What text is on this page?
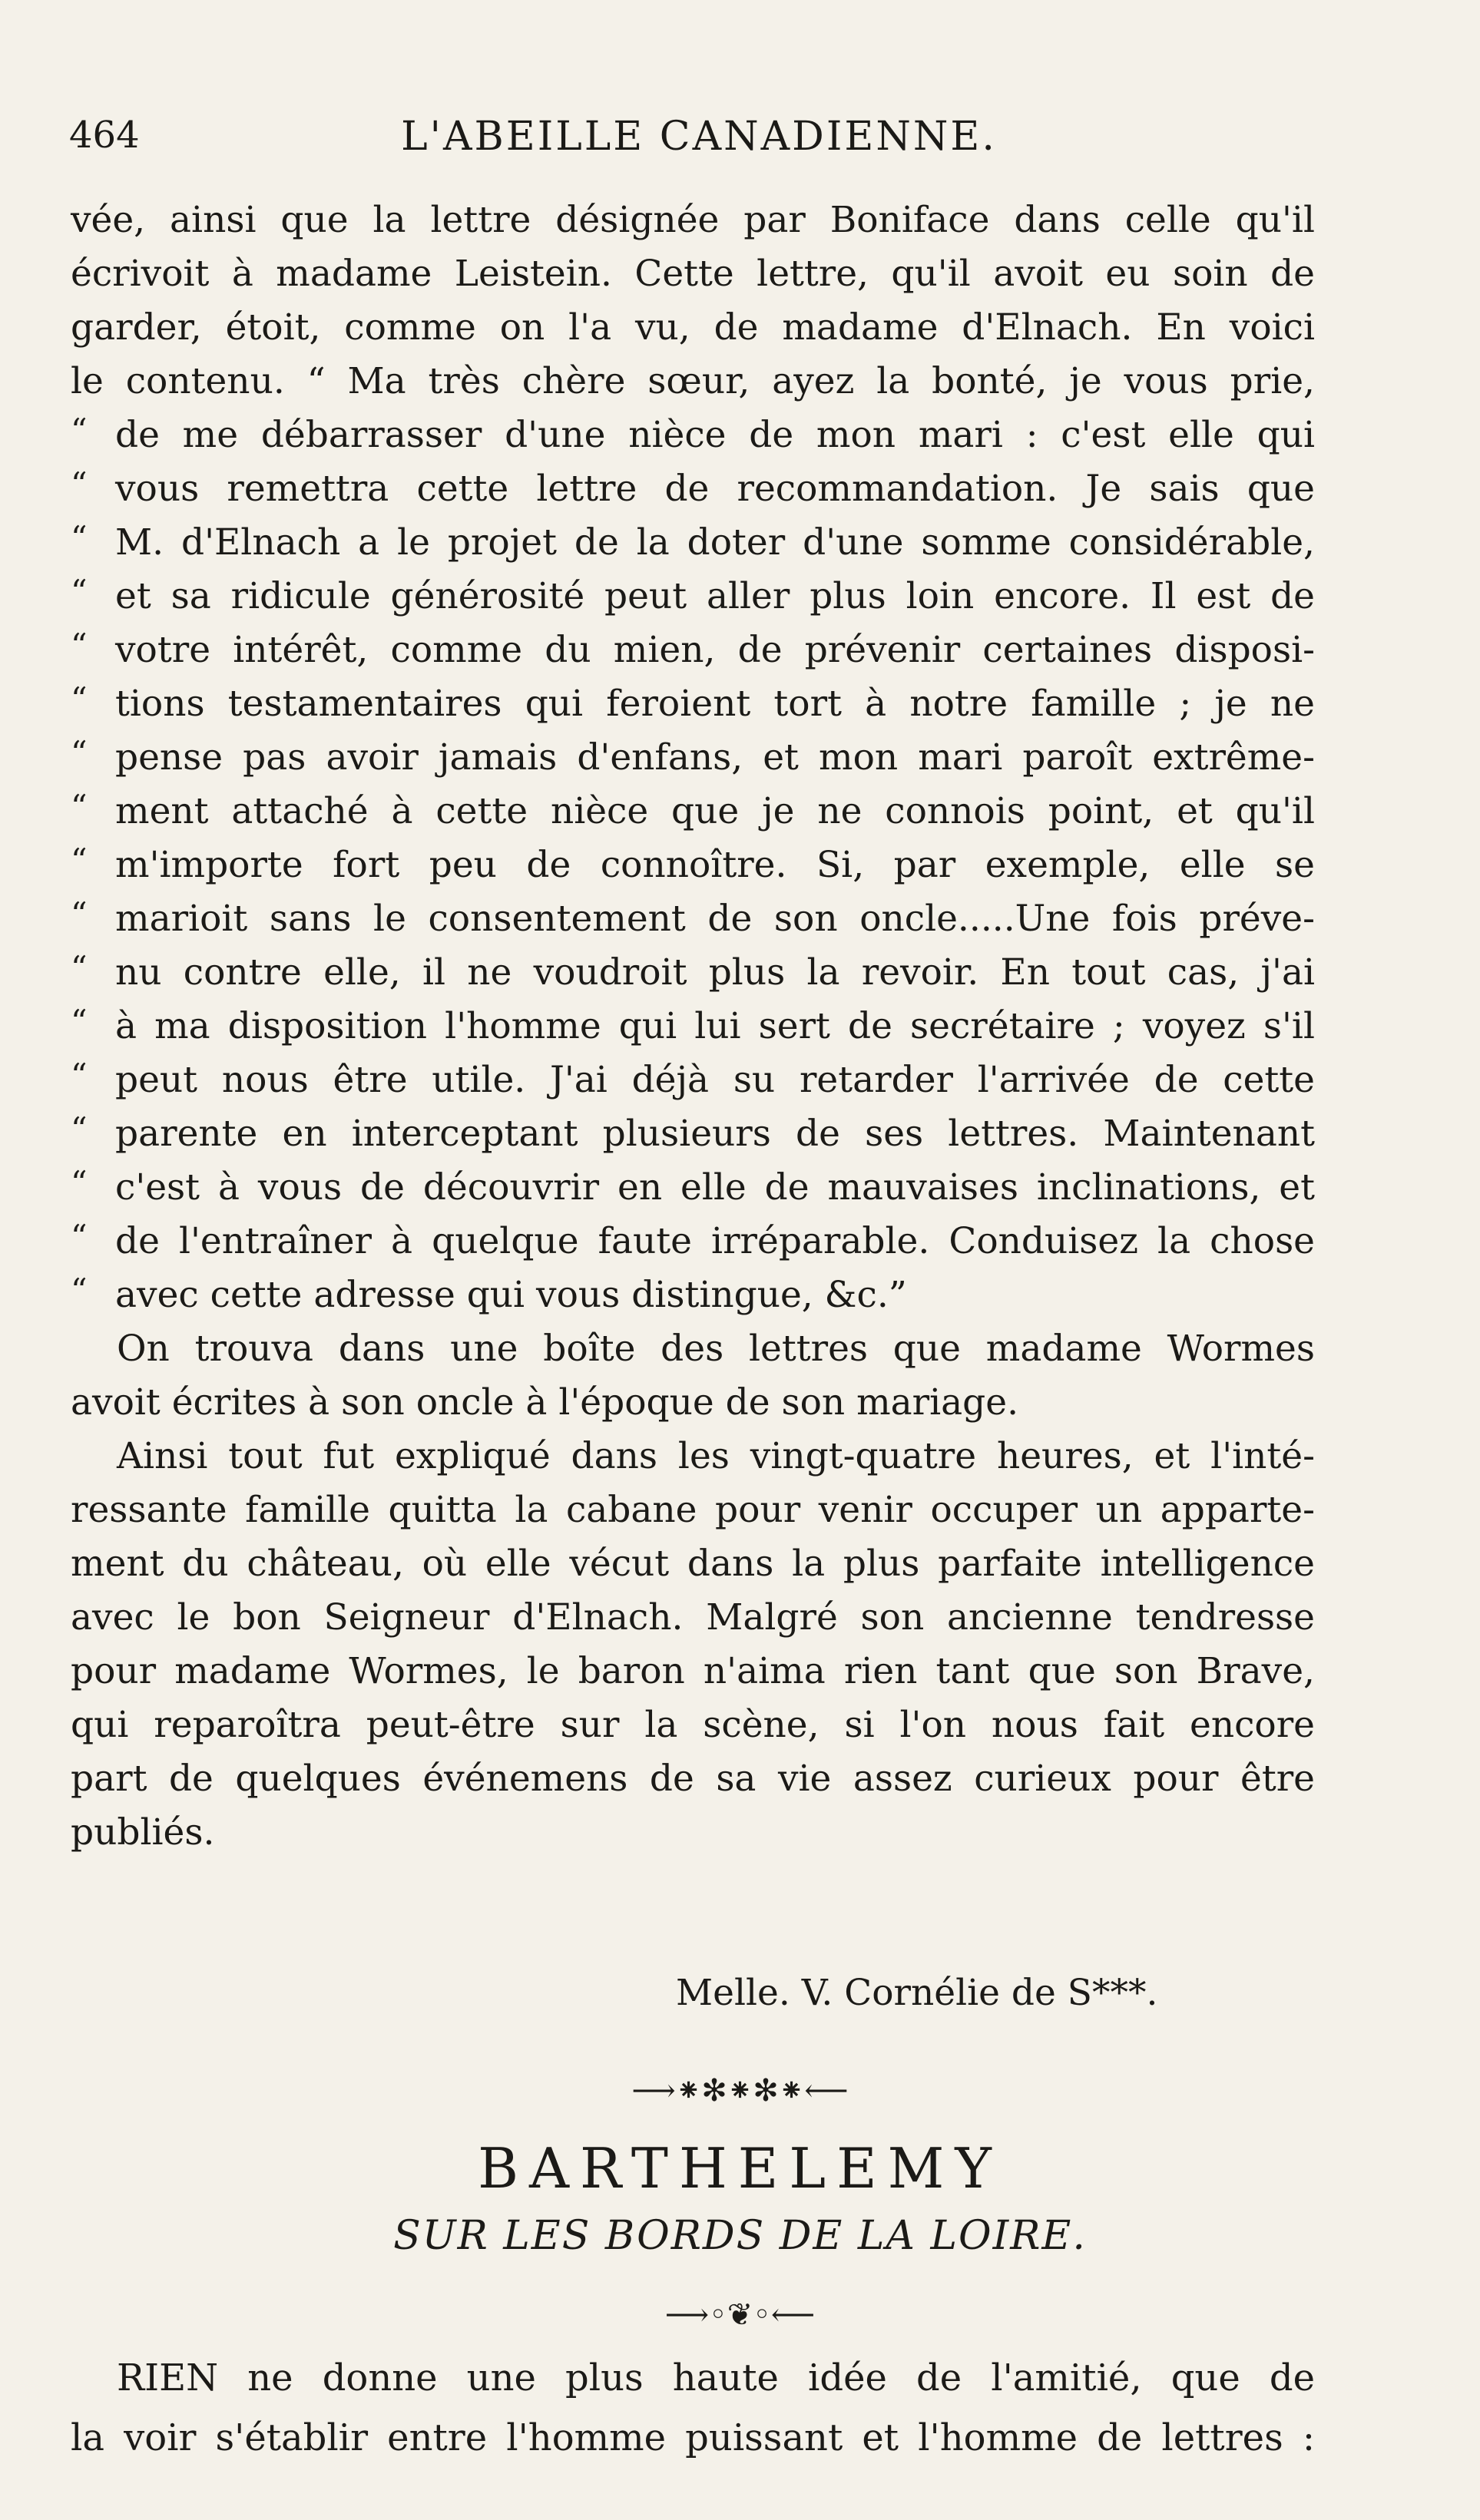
464	L'ABEILLE CANADIENNE.
vée, ainsi que la lettre désignée par Boniface dans celle qu'il
écrivoit à madame Leistein. Cette lettre, qu'il avoit eu soin de
garder, étoit, comme on l'a vu, de madame d'Elnach. En voici
le contenu. “ Ma très chère sœur, ayez la bonté, je vous prie,
“ de me débarrasser d'une nièce de mon mari : c'est elle qui
“ vous remettra cette lettre de recommandation. Je sais que
“ M. d'Elnach a le projet de la doter d'une somme considérable,
“ et sa ridicule générosité peut aller plus loin encore. Il est de
“ votre intérêt, comme du mien, de prévenir certaines disposi-
“ tions testamentaires qui feroient tort à notre famille ; je ne
“ pense pas avoir jamais d'enfans, et mon mari paroît extrême-
“ ment attaché à cette nièce que je ne connois point, et qu'il
“ m'importe fort peu de connoître. Si, par exemple, elle se
“ marioit sans le consentement de son oncle.....Une fois préve-
“ nu contre elle, il ne voudroit plus la revoir. En tout cas, j'ai
“ à ma disposition l'homme qui lui sert de secrétaire ; voyez s'il
“ peut nous être utile. J'ai déjà su retarder l'arrivée de cette
“ parente en interceptant plusieurs de ses lettres. Maintenant
“ c'est à vous de découvrir en elle de mauvaises inclinations, et
“ de l'entraîner à quelque faute irréparable. Conduisez la chose
“ avec cette adresse qui vous distingue, &c.”
On trouva dans une boîte des lettres que madame Wormes
avoit écrites à son oncle à l'époque de son mariage.
Ainsi tout fut expliqué dans les vingt-quatre heures, et l'inté-
ressante famille quitta la cabane pour venir occuper un apparte-
ment du château, où elle vécut dans la plus parfaite intelligence
avec le bon Seigneur d'Elnach. Malgré son ancienne tendresse
pour madame Wormes, le baron n'aima rien tant que son Brave,
qui reparoîtra peut-être sur la scène, si l'on nous fait encore
part de quelques événemens de sa vie assez curieux pour être
publiés.
Melle. V. Cornélie de S***.
⟶⁕✻⁕✻⁕⟵
BARTHELEMY
SUR LES BORDS DE LA LOIRE.
⟶◦❦◦⟵
RIEN ne donne une plus haute idée de l'amitié, que de
la voir s'établir entre l'homme puissant et l'homme de lettres :
